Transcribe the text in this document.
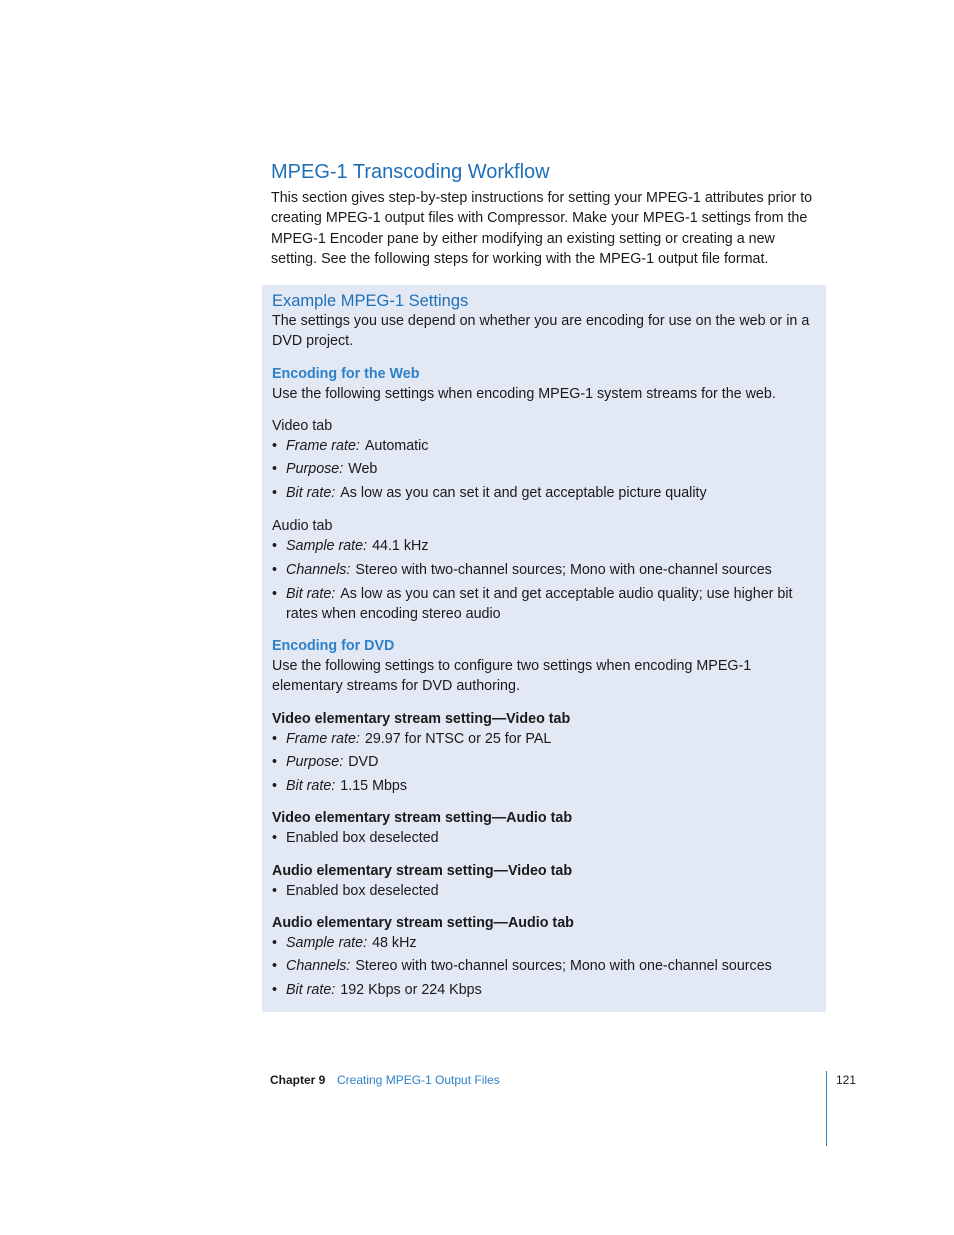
MPEG-1 Transcoding Workflow

This section gives step-by-step instructions for setting your MPEG-1 attributes prior to creating MPEG-1 output files with Compressor. Make your MPEG-1 settings from the MPEG-1 Encoder pane by either modifying an existing setting or creating a new setting. See the following steps for working with the MPEG-1 output file format.

Example MPEG-1 Settings

The settings you use depend on whether you are encoding for use on the web or in a DVD project.

Encoding for the Web

Use the following settings when encoding MPEG-1 system streams for the web.

Video tab

• Frame rate: Automatic
• Purpose: Web
• Bit rate: As low as you can set it and get acceptable picture quality

Audio tab

• Sample rate: 44.1 kHz
• Channels: Stereo with two-channel sources; Mono with one-channel sources
• Bit rate: As low as you can set it and get acceptable audio quality; use higher bit rates when encoding stereo audio
Encoding for DVD

Use the following settings to configure two settings when encoding MPEG-1 elementary streams for DVD authoring.

Video elementary stream setting—Video tab

• Frame rate: 29.97 for NTSC or 25 for PAL
• Purpose: DVD
• Bit rate: 1.15 Mbps

Video elementary stream setting—Audio tab

• Enabled box deselected

Audio elementary stream setting—Video tab

• Enabled box deselected

Audio elementary stream setting—Audio tab

• Sample rate: 48 kHz
• Channels: Stereo with two-channel sources; Mono with one-channel sources
• Bit rate: 192 Kbps or 224 Kbps
Chapter 9 Creating MPEG-1 Output Files	121
